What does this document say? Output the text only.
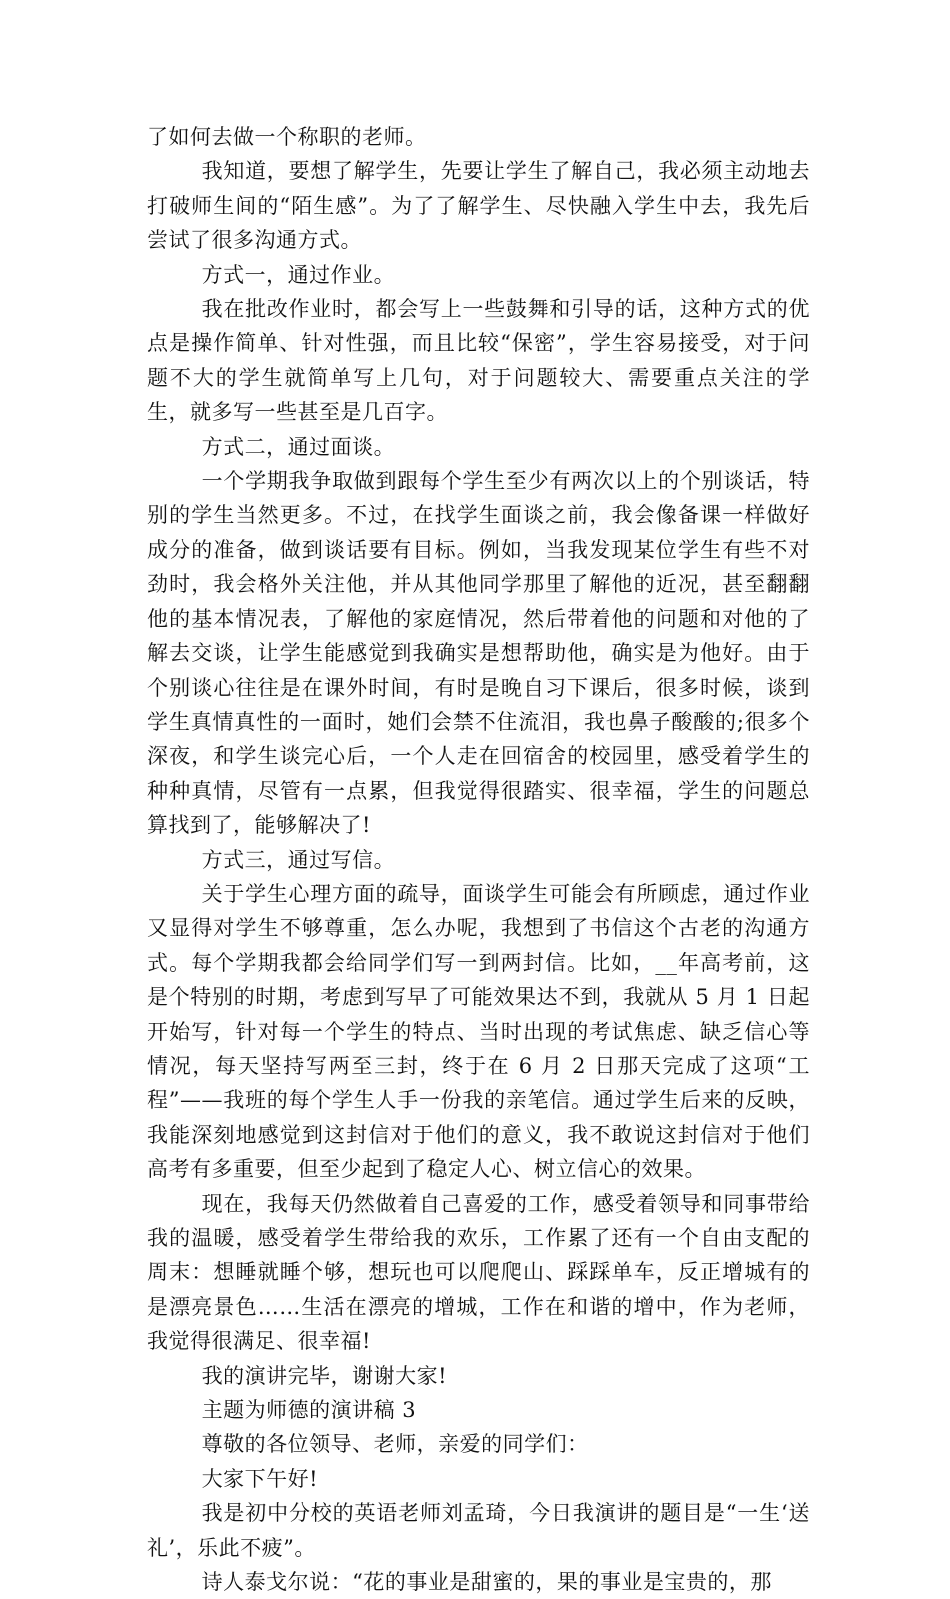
了如何去做一个称职的老师。

我知道，要想了解学生，先要让学生了解自己，我必须主动地去打破师生间的“陌生感”。为了了解学生、尽快融入学生中去，我先后尝试了很多沟通方式。

方式一，通过作业。

我在批改作业时，都会写上一些鼓舞和引导的话，这种方式的优点是操作简单、针对性强，而且比较“保密”，学生容易接受，对于问题不大的学生就简单写上几句，对于问题较大、需要重点关注的学生，就多写一些甚至是几百字。

方式二，通过面谈。

一个学期我争取做到跟每个学生至少有两次以上的个别谈话，特别的学生当然更多。不过，在找学生面谈之前，我会像备课一样做好成分的准备，做到谈话要有目标。例如，当我发现某位学生有些不对劲时，我会格外关注他，并从其他同学那里了解他的近况，甚至翻翻他的基本情况表，了解他的家庭情况，然后带着他的问题和对他的了解去交谈，让学生能感觉到我确实是想帮助他，确实是为他好。由于个别谈心往往是在课外时间，有时是晚自习下课后，很多时候，谈到学生真情真性的一面时，她们会禁不住流泪，我也鼻子酸酸的;很多个深夜，和学生谈完心后，一个人走在回宿舍的校园里，感受着学生的种种真情，尽管有一点累，但我觉得很踏实、很幸福，学生的问题总算找到了，能够解决了!

方式三，通过写信。

关于学生心理方面的疏导，面谈学生可能会有所顾虑，通过作业又显得对学生不够尊重，怎么办呢，我想到了书信这个古老的沟通方式。每个学期我都会给同学们写一到两封信。比如，__年高考前，这是个特别的时期，考虑到写早了可能效果达不到，我就从 5 月 1 日起开始写，针对每一个学生的特点、当时出现的考试焦虑、缺乏信心等情况，每天坚持写两至三封，终于在 6 月 2 日那天完成了这项“工程”——我班的每个学生人手一份我的亲笔信。通过学生后来的反映，我能深刻地感觉到这封信对于他们的意义，我不敢说这封信对于他们高考有多重要，但至少起到了稳定人心、树立信心的效果。

现在，我每天仍然做着自己喜爱的工作，感受着领导和同事带给我的温暖，感受着学生带给我的欢乐，工作累了还有一个自由支配的周末：想睡就睡个够，想玩也可以爬爬山、踩踩单车，反正增城有的是漂亮景色……生活在漂亮的增城，工作在和谐的增中，作为老师，我觉得很满足、很幸福!

我的演讲完毕，谢谢大家!

主题为师德的演讲稿 3

尊敬的各位领导、老师，亲爱的同学们：

大家下午好!

我是初中分校的英语老师刘孟琦，今日我演讲的题目是“一生‘送礼’，乐此不疲”。

诗人泰戈尔说：“花的事业是甜蜜的，果的事业是宝贵的，那
